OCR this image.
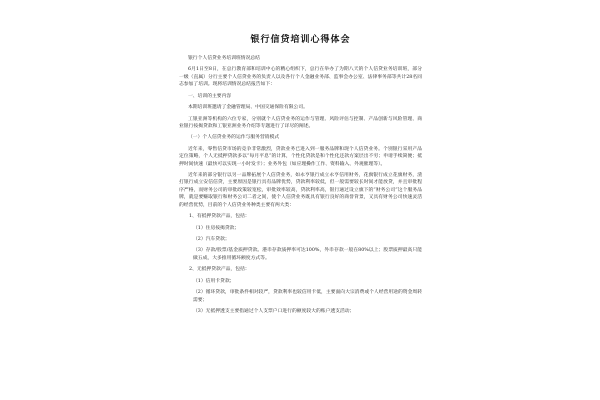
银行信贷培训心得体会

银行个人信贷业务培训班情况总结

6月1日至8日，在总行教育部和培训中心的精心组织下，总行在举办了为期八天的个人信贷业务培训班，部分一级（直属）分行主要个人信贷业务的负责人以及各行个人金融业务部、监事会办公室、法律事务部等共计28名同志参加了培训。现将培训情况总结报告如下：

一、培训的主要内容

本期培训班邀请了金融管理局、中国交通保险有限公司。

工银亚洲等机构的六位专家，分别就个人信贷业务的运作与管理、风险评估与控制、产品创新与风险管理、商业银行按揭贷款和工银亚洲业务介绍等专题进行了详尽的阐述。

（一）个人信贷业务的运作与服务营销模式

近年来，零售信贷市场的竞争非常激烈，贷款业务已进入到一服务品牌和现个人信贷业务。个别银行采用产品定位策略，个人无抵押贷款多以“每月平息”的计算，个性化贷款是和个性化还款方案层出不穷；申请手续简便；抵押时间快速（最快可以实现一小时发卡）；业务外包（如应理操作工作、资料输入、外观催理等）。

近年来的部分银行以另一品牌拓展个人信贷业务，如永亨银行成立永亨信用财务，花旗银行成立花旗财务，渣打银行成立安信信贷，主要原因是银行具有品牌优势，贷款利率较低，但一般需要较长时间才能放贷，并且审批程序严格，而财务公司的审批政策较宽松，审批效率较高，贷款利率高，银行通过设立旗下的“财务公司”这个服务品牌，就是要赚取银行和财务公司二者之间，使个人信贷业务既具有银行良好的商誉背景，又具有财务公司快速灵活的经营优势，目前的个人信贷业务种类主要有两大类：

1、有抵押贷款产品，包括：

（1）住房按揭贷款；

（2）汽车贷款；

（3）存款/股票/基金质押贷款。港币存款质押率可达100%，外币存款一般在80%以上；股票质押最高只能做五成，大多推用循环额度方式等。

2、无抵押贷款产品，包括：

（1）信用卡贷款；

（2）循环贷款，审批条件相对较严，贷款利率也较信用卡低，主要面向大宗消费或个人经营用途的资金周转需要；

（3）无抵押透支主要指通过个人支票户口进行的额度较大的账户透支活动；
